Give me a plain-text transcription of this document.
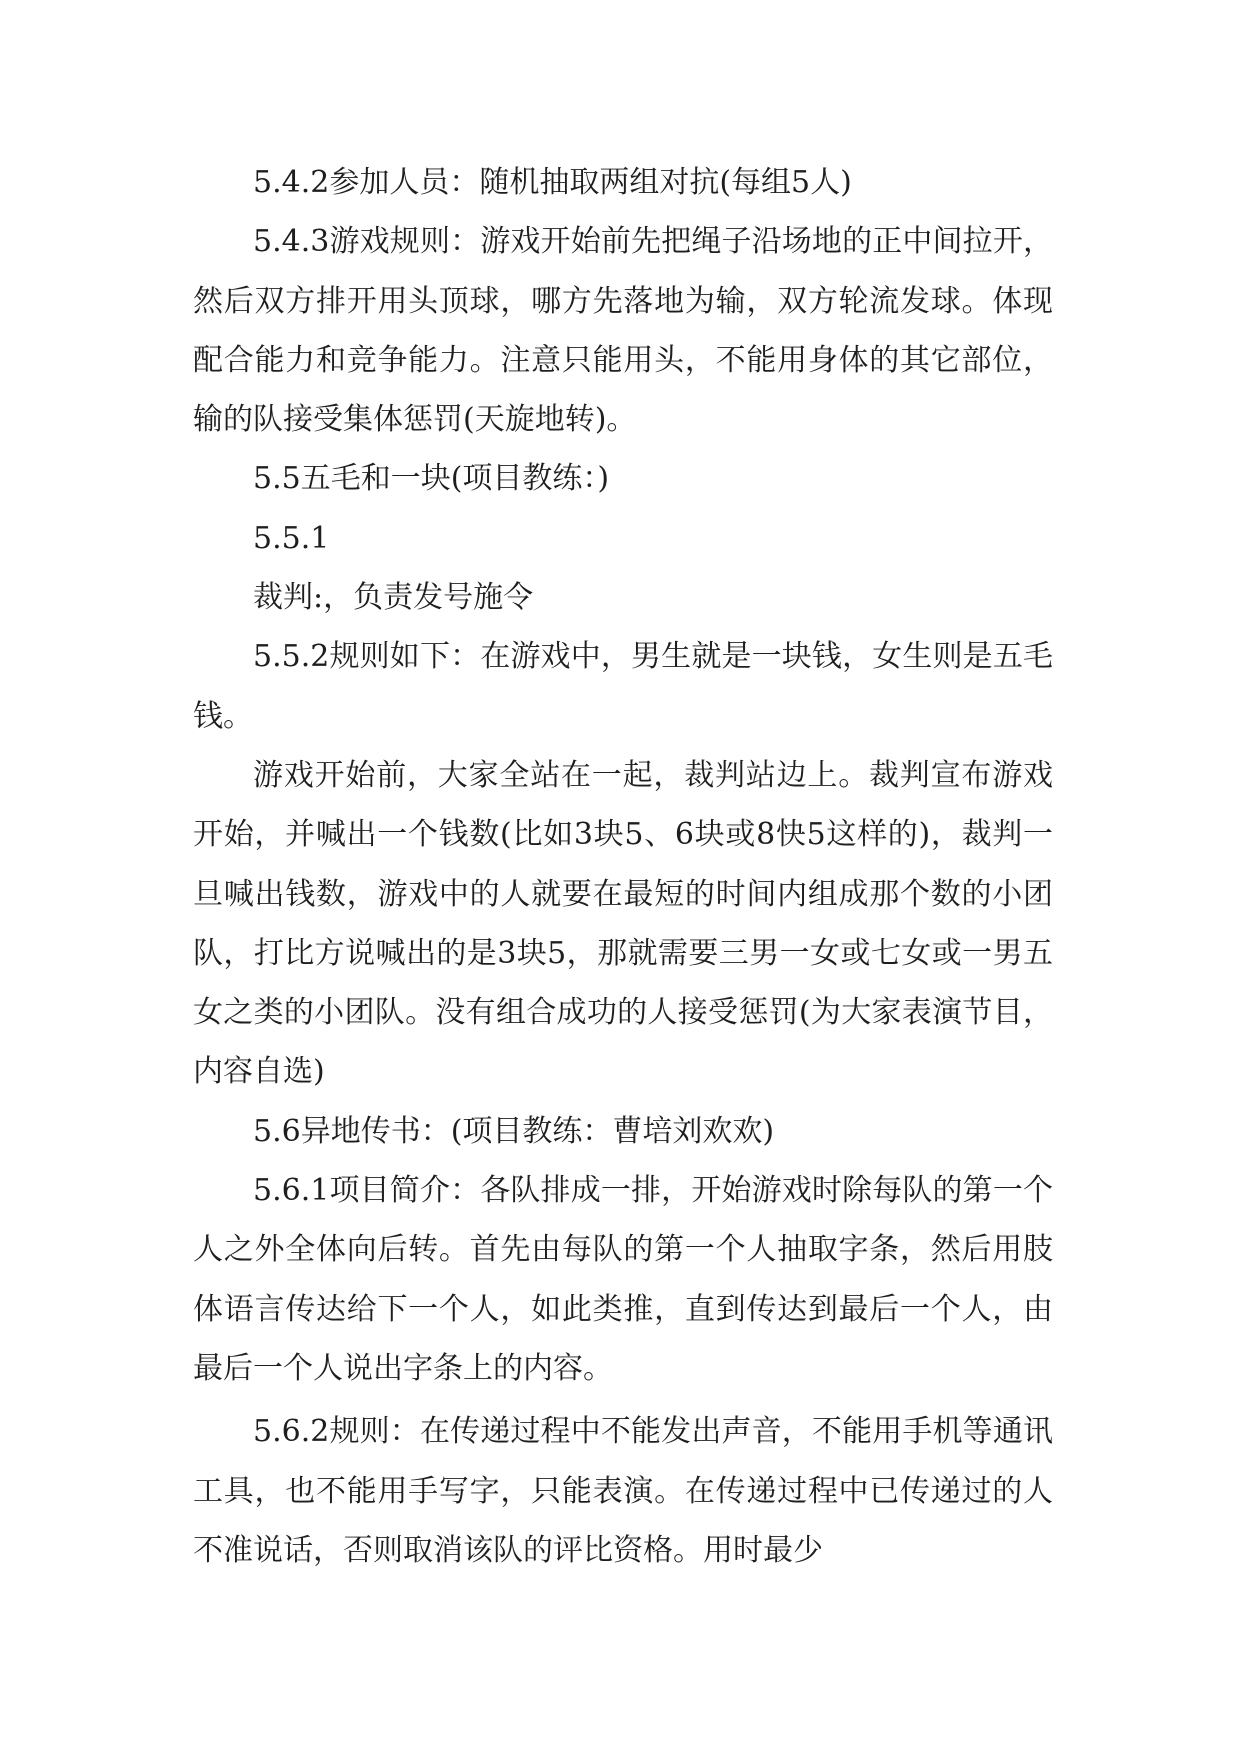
5.4.2参加人员：随机抽取两组对抗(每组5人)

5.4.3游戏规则：游戏开始前先把绳子沿场地的正中间拉开，然后双方排开用头顶球，哪方先落地为输，双方轮流发球。体现配合能力和竞争能力。注意只能用头，不能用身体的其它部位，输的队接受集体惩罚(天旋地转)。

5.5五毛和一块(项目教练：)

5.5.1

裁判:，负责发号施令

5.5.2规则如下：在游戏中，男生就是一块钱，女生则是五毛钱。

游戏开始前，大家全站在一起，裁判站边上。裁判宣布游戏开始，并喊出一个钱数(比如3块5、6块或8快5这样的)，裁判一旦喊出钱数，游戏中的人就要在最短的时间内组成那个数的小团队，打比方说喊出的是3块5，那就需要三男一女或七女或一男五女之类的小团队。没有组合成功的人接受惩罚(为大家表演节目，内容自选)

5.6异地传书：(项目教练：曹培刘欢欢)

5.6.1项目简介：各队排成一排，开始游戏时除每队的第一个人之外全体向后转。首先由每队的第一个人抽取字条，然后用肢体语言传达给下一个人，如此类推，直到传达到最后一个人，由最后一个人说出字条上的内容。

5.6.2规则：在传递过程中不能发出声音，不能用手机等通讯工具，也不能用手写字，只能表演。在传递过程中已传递过的人不准说话，否则取消该队的评比资格。用时最少
